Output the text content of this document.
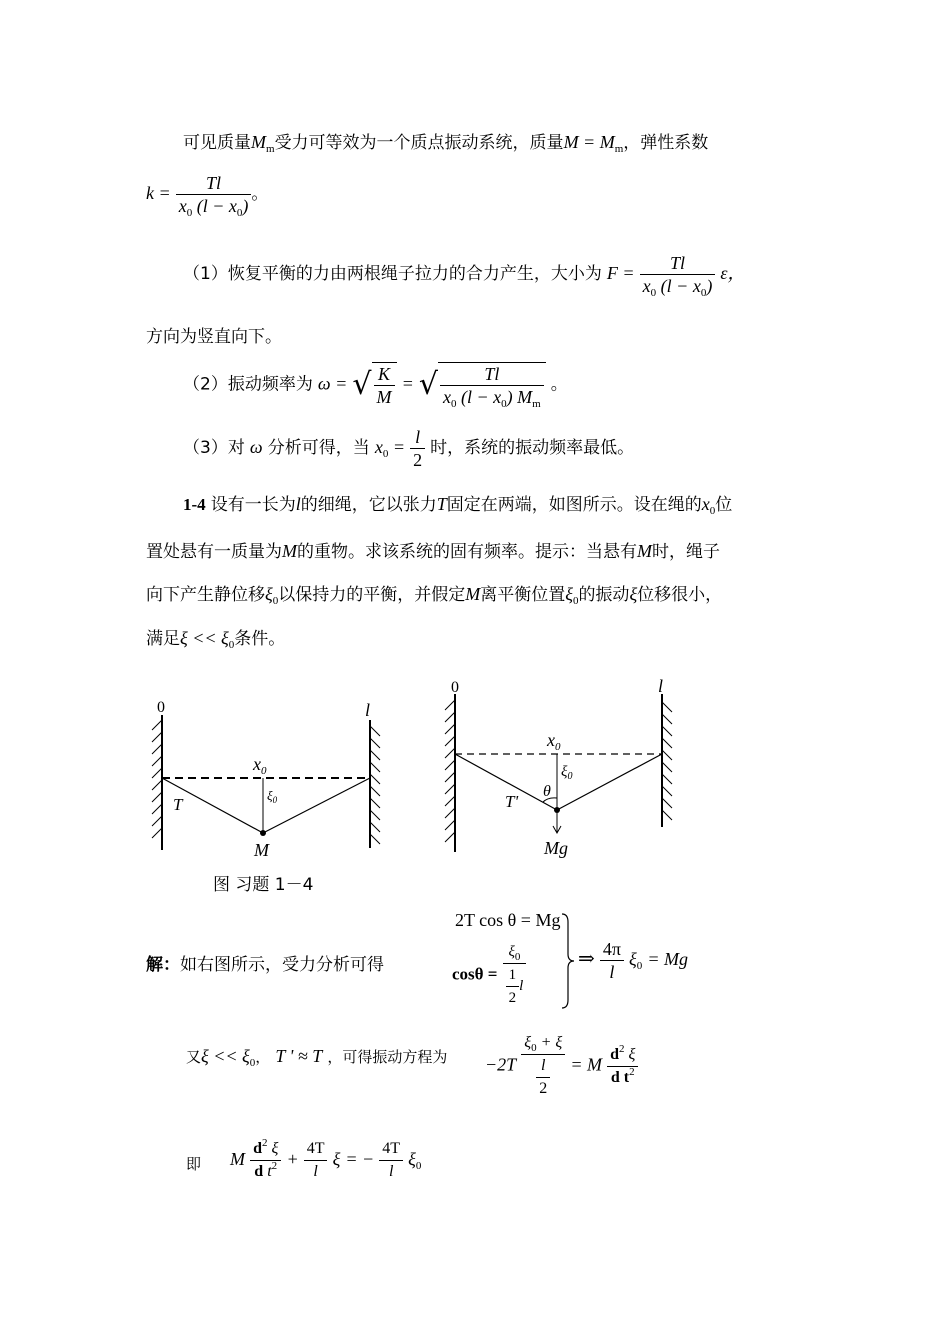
可见质量$M_m$受力可等效为一个质点振动系统，质量$M = M_m$，弹性系数
$k = \frac{Tl}{x_0 (l - x_0)}$ 。
（1）恢复平衡的力由两根绳子拉力的合力产生，大小为 $F = \frac{Tl}{x_0 (l - x_0)}$ ε，
方向为竖直向下。
（2）振动频率为 ω = √ $\frac{K}{M}$ = √ $\frac{Tl}{x_0 (l - x_0) M_m}$ 。
（3）对 ω 分析可得，当 $x_0 = \frac{l}{2}$ 时，系统的振动频率最低。
1-4 设有一长为l的细绳，它以张力T固定在两端，如图所示。设在绳的$x_0$位
置处悬有一质量为M的重物。求该系统的固有频率。提示：当悬有M时，绳子
向下产生静位移$\xi_0$以保持力的平衡，并假定M离平衡位置$\xi_0$的振动ξ位移很小，
满足$\xi << \xi_0$条件。
0	l
$x_0$
$\xi_0$
T
M
图 习题 1－4
0	l
$x_0$
$\xi_0$
θ
T'
Mg
解：如右图所示，受力分析可得
2T cos θ = Mg
$\cos\theta = \frac{\xi_0}{\frac{1}{2} l}$	⇒ $\frac{4\pi}{l} \xi_0 = Mg$
又$\xi << \xi_0$， T ' ≈ T ，可得振动方程为 $-2T \frac{\xi_0 + \xi}{\frac{l}{2}} = M \frac{d^2 \xi}{d t^2}$
即 M $\frac{d^2 \xi}{d t^2} + \frac{4T}{l}$ ξ = − $\frac{4T}{l} \xi_0$
